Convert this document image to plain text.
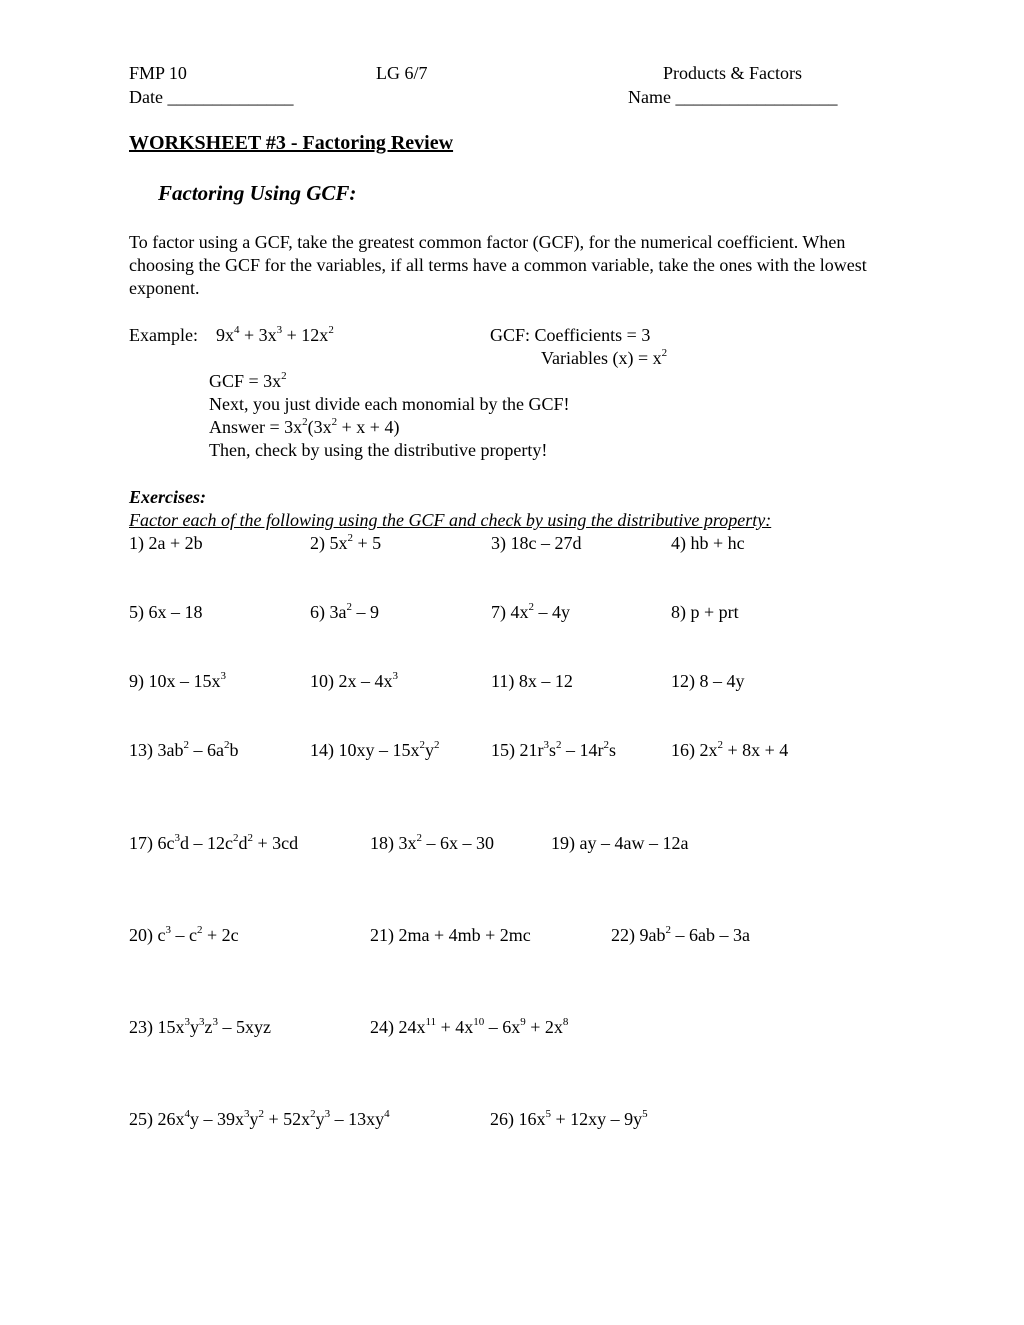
FMP 10	LG 6/7	Products & Factors
Date ______________	Name __________________
WORKSHEET #3 - Factoring Review
Factoring Using GCF:
To factor using a GCF, take the greatest common factor (GCF), for the numerical coefficient. When choosing the GCF for the variables, if all terms have a common variable, take the ones with the lowest exponent.
Example: $9x^4 + 3x^3 + 12x^2$	GCF: Coefficients = 3
Variables $(x) = x^2$
GCF = $3x^2$
Next, you just divide each monomial by the GCF!
Answer = $3x^2(3x^2 + x + 4)$
Then, check by using the distributive property!
Exercises:
Factor each of the following using the GCF and check by using the distributive property:
1) 2a + 2b	2) $5x^2 + 5$	3) 18c – 27d	4) hb + hc
5) 6x – 18	6) $3a^2 - 9$	7) $4x^2 - 4y$	8) p + prt
9) $10x - 15x^3$	10) $2x - 4x^3$	11) 8x – 12	12) 8 – 4y
13) $3ab^2 - 6a^2b$	14) $10xy - 15x^2y^2$	15) $21r^3s^2 - 14r^2s$	16) $2x^2 + 8x + 4$
17) $6c^3d - 12c^2d^2 + 3cd$	18) $3x^2 - 6x - 30$	19) ay – 4aw – 12a
20) $c^3 - c^2 + 2c$	21) 2ma + 4mb + 2mc	22) $9ab^2 - 6ab - 3a$
23) $15x^3y^3z^3 - 5xyz$	24) $24x^{11} + 4x^{10} - 6x^9 + 2x^8$
25) $26x^4y - 39x^3y^2 + 52x^2y^3 - 13xy^4$	26) $16x^5 + 12xy - 9y^5$
